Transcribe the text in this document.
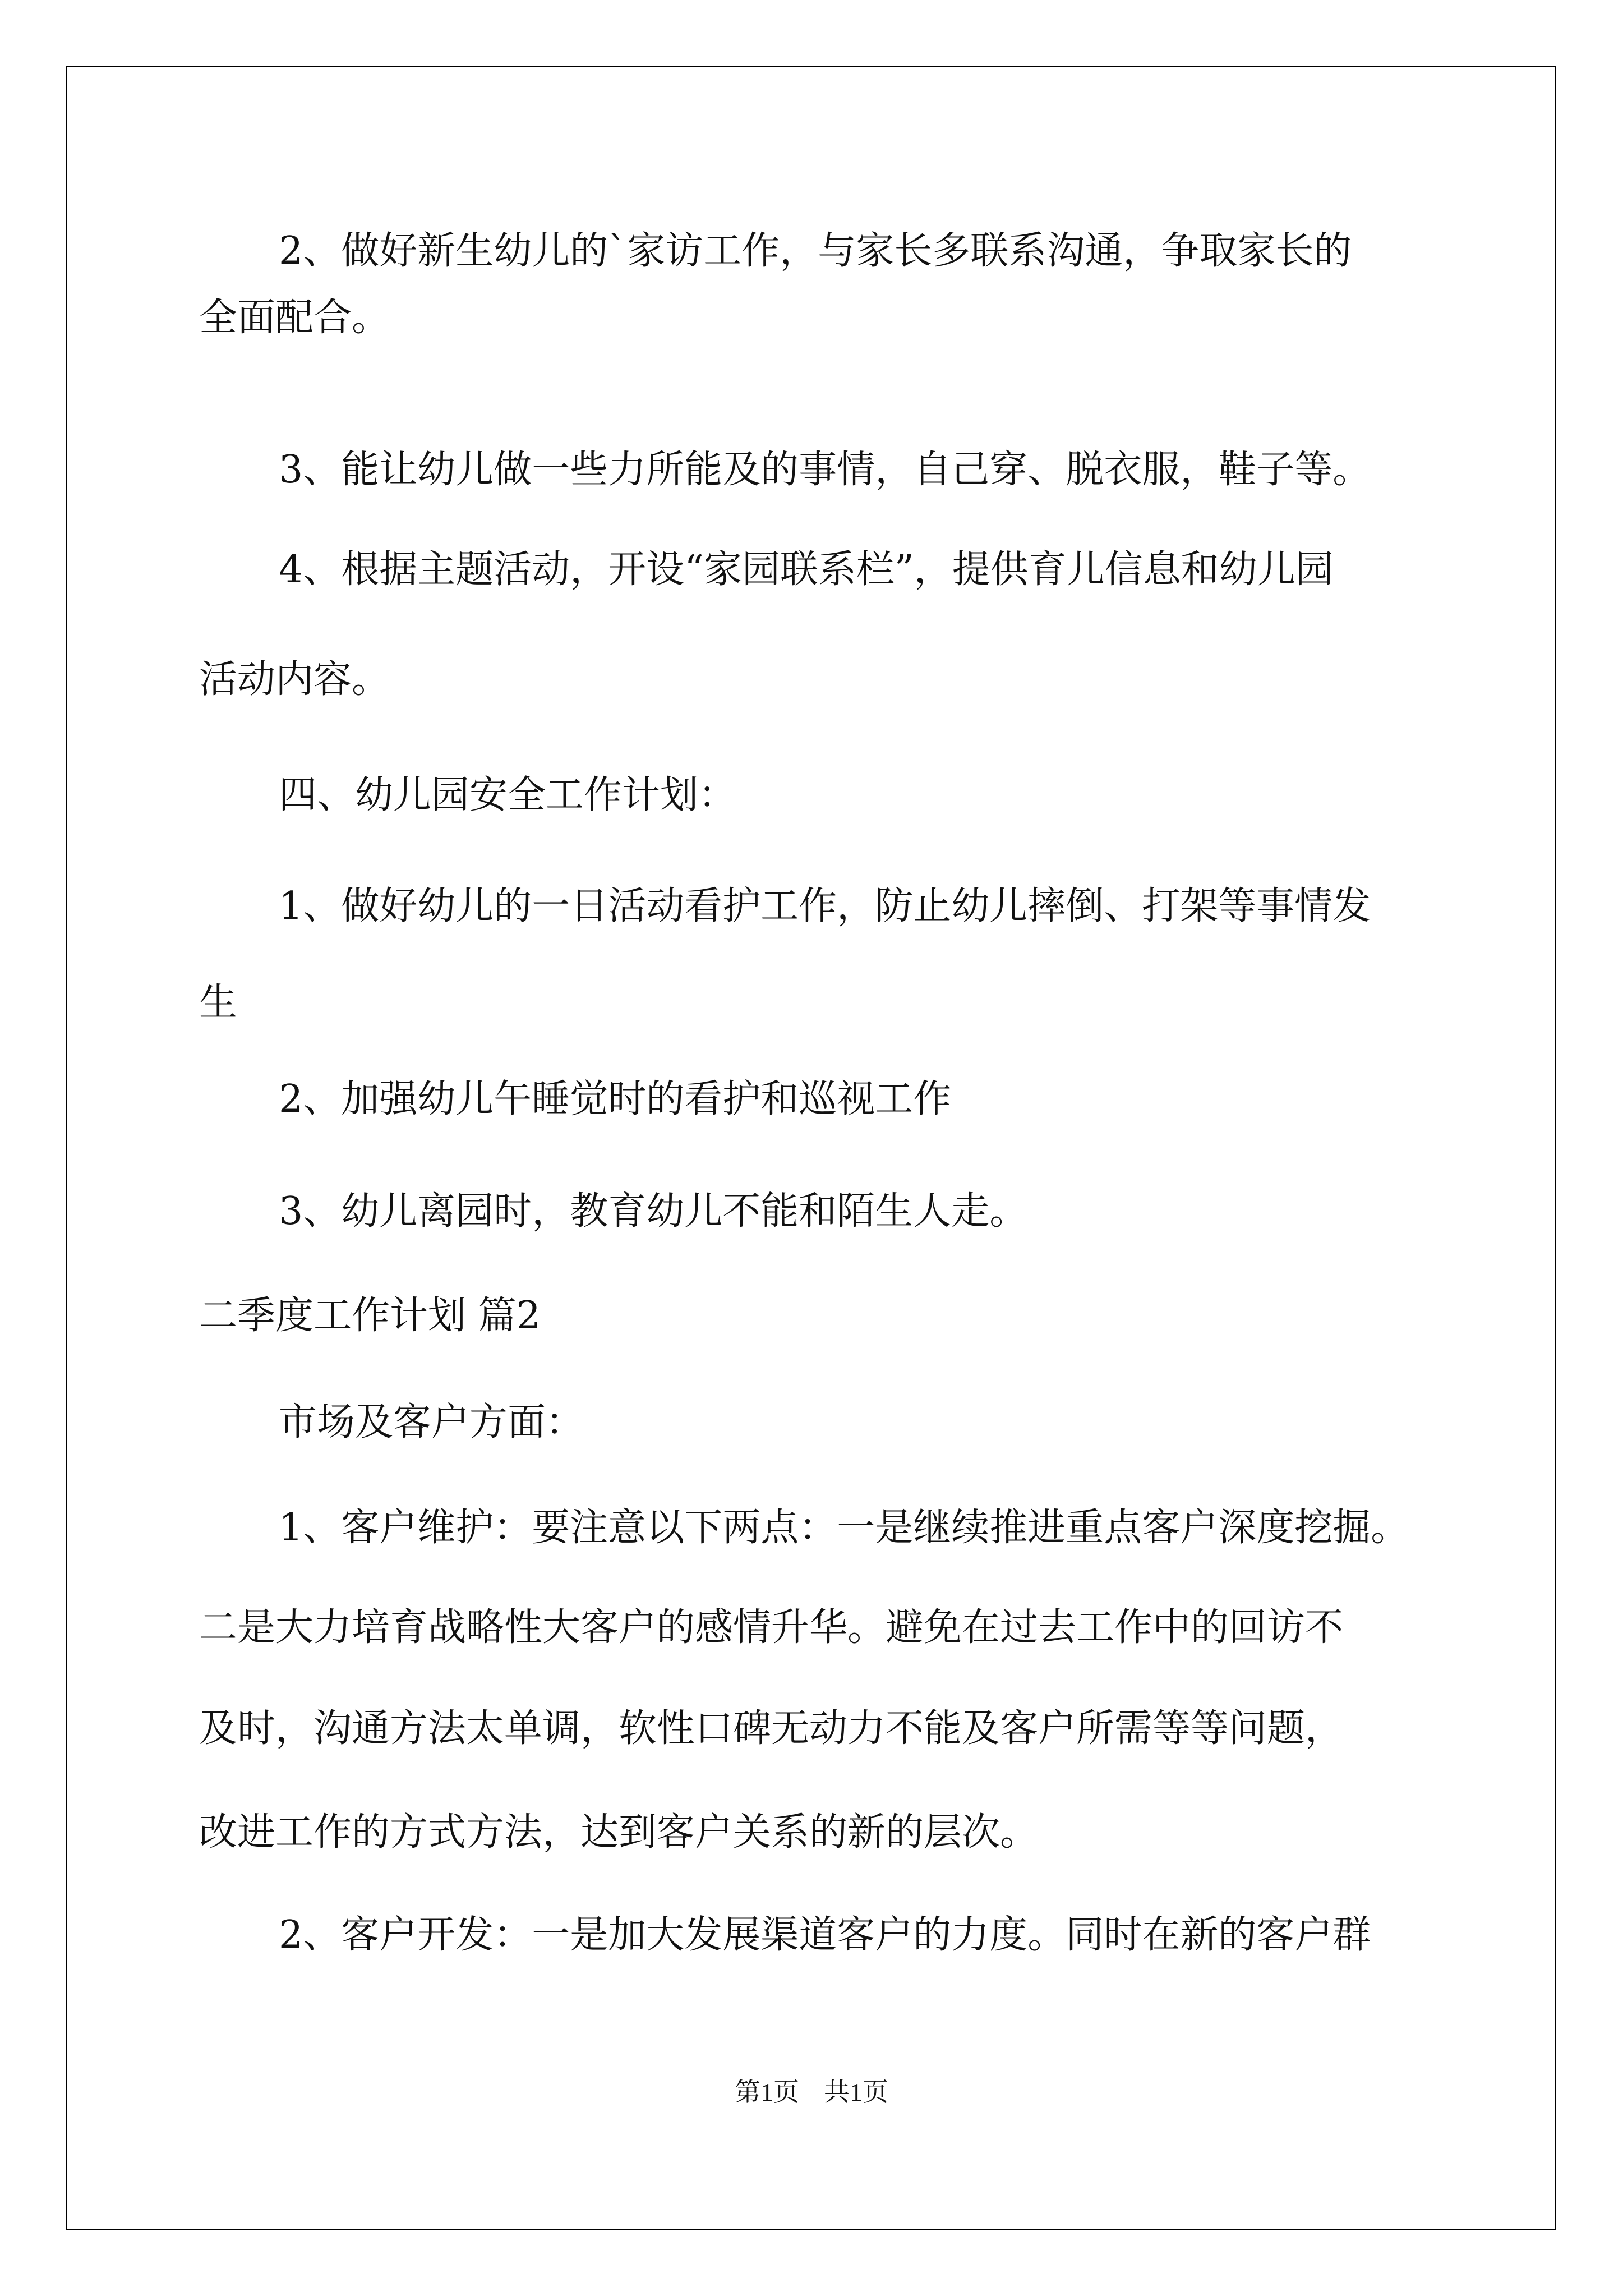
2、做好新生幼儿的`家访工作，与家长多联系沟通，争取家长的

全面配合。

3、能让幼儿做一些力所能及的事情，自己穿、脱衣服，鞋子等。

4、根据主题活动，开设“家园联系栏”，提供育儿信息和幼儿园

活动内容。

四、幼儿园安全工作计划：

1、做好幼儿的一日活动看护工作，防止幼儿摔倒、打架等事情发

生

2、加强幼儿午睡觉时的看护和巡视工作

3、幼儿离园时，教育幼儿不能和陌生人走。

二季度工作计划 篇2

市场及客户方面：

1、客户维护：要注意以下两点：一是继续推进重点客户深度挖掘。

二是大力培育战略性大客户的感情升华。避免在过去工作中的回访不

及时，沟通方法太单调，软性口碑无动力不能及客户所需等等问题，

改进工作的方式方法，达到客户关系的新的层次。

2、客户开发：一是加大发展渠道客户的力度。同时在新的客户群

第1页 共1页
